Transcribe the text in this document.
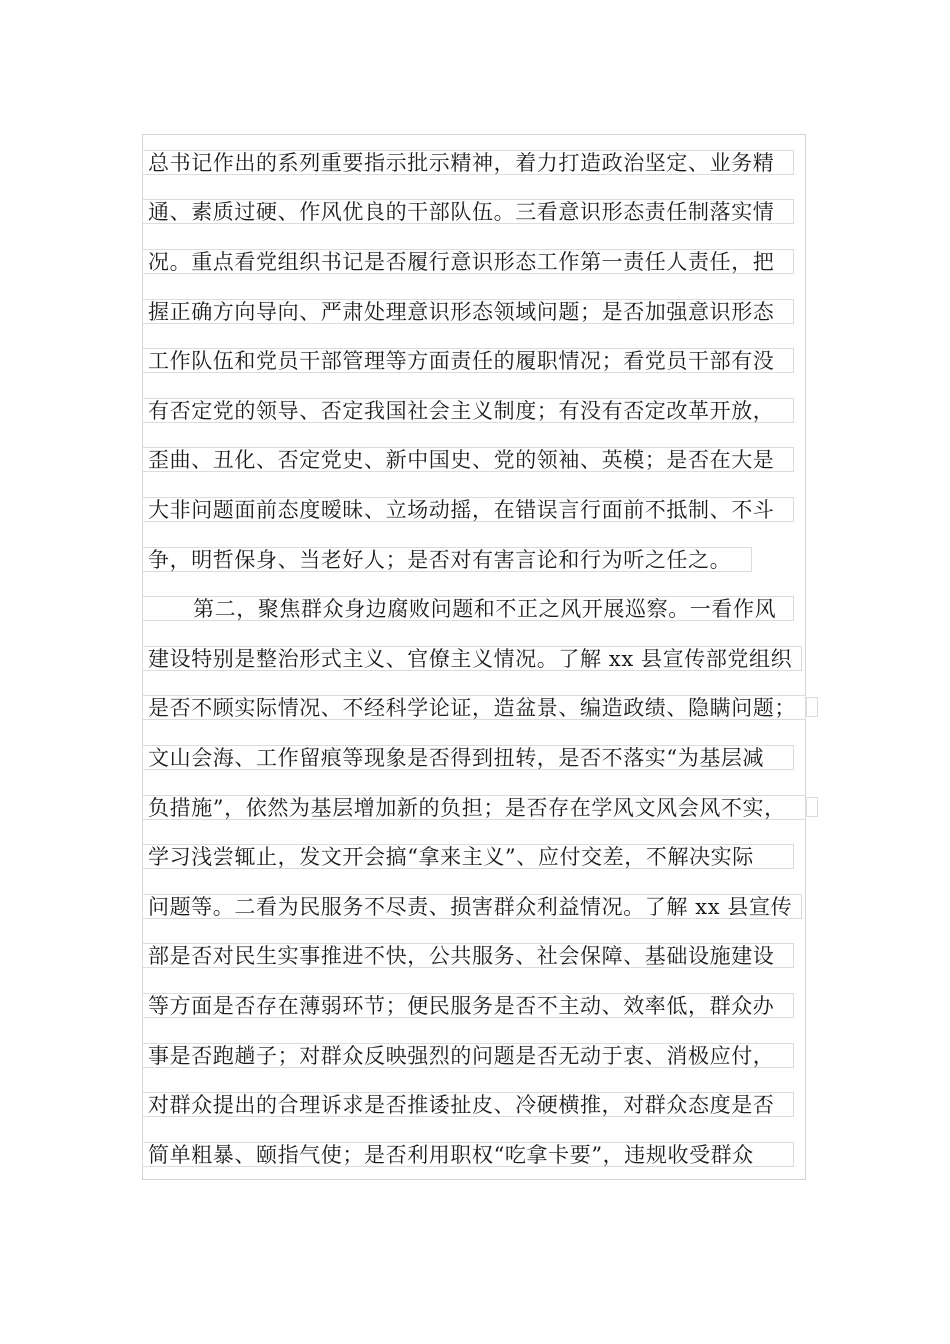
总书记作出的系列重要指示批示精神，着力打造政治坚定、业务精
通、素质过硬、作风优良的干部队伍。三看意识形态责任制落实情
况。重点看党组织书记是否履行意识形态工作第一责任人责任，把
握正确方向导向、严肃处理意识形态领域问题；是否加强意识形态
工作队伍和党员干部管理等方面责任的履职情况；看党员干部有没
有否定党的领导、否定我国社会主义制度；有没有否定改革开放，
歪曲、丑化、否定党史、新中国史、党的领袖、英模；是否在大是
大非问题面前态度暧昧、立场动摇，在错误言行面前不抵制、不斗
争，明哲保身、当老好人；是否对有害言论和行为听之任之。
第二，聚焦群众身边腐败问题和不正之风开展巡察。一看作风
建设特别是整治形式主义、官僚主义情况。了解 xx 县宣传部党组织
是否不顾实际情况、不经科学论证，造盆景、编造政绩、隐瞒问题；
文山会海、工作留痕等现象是否得到扭转，是否不落实“为基层减
负措施”，依然为基层增加新的负担；是否存在学风文风会风不实，
学习浅尝辄止，发文开会搞“拿来主义”、应付交差，不解决实际
问题等。二看为民服务不尽责、损害群众利益情况。了解 xx 县宣传
部是否对民生实事推进不快，公共服务、社会保障、基础设施建设
等方面是否存在薄弱环节；便民服务是否不主动、效率低，群众办
事是否跑趟子；对群众反映强烈的问题是否无动于衷、消极应付，
对群众提出的合理诉求是否推诿扯皮、冷硬横推，对群众态度是否
简单粗暴、颐指气使；是否利用职权“吃拿卡要”，违规收受群众
